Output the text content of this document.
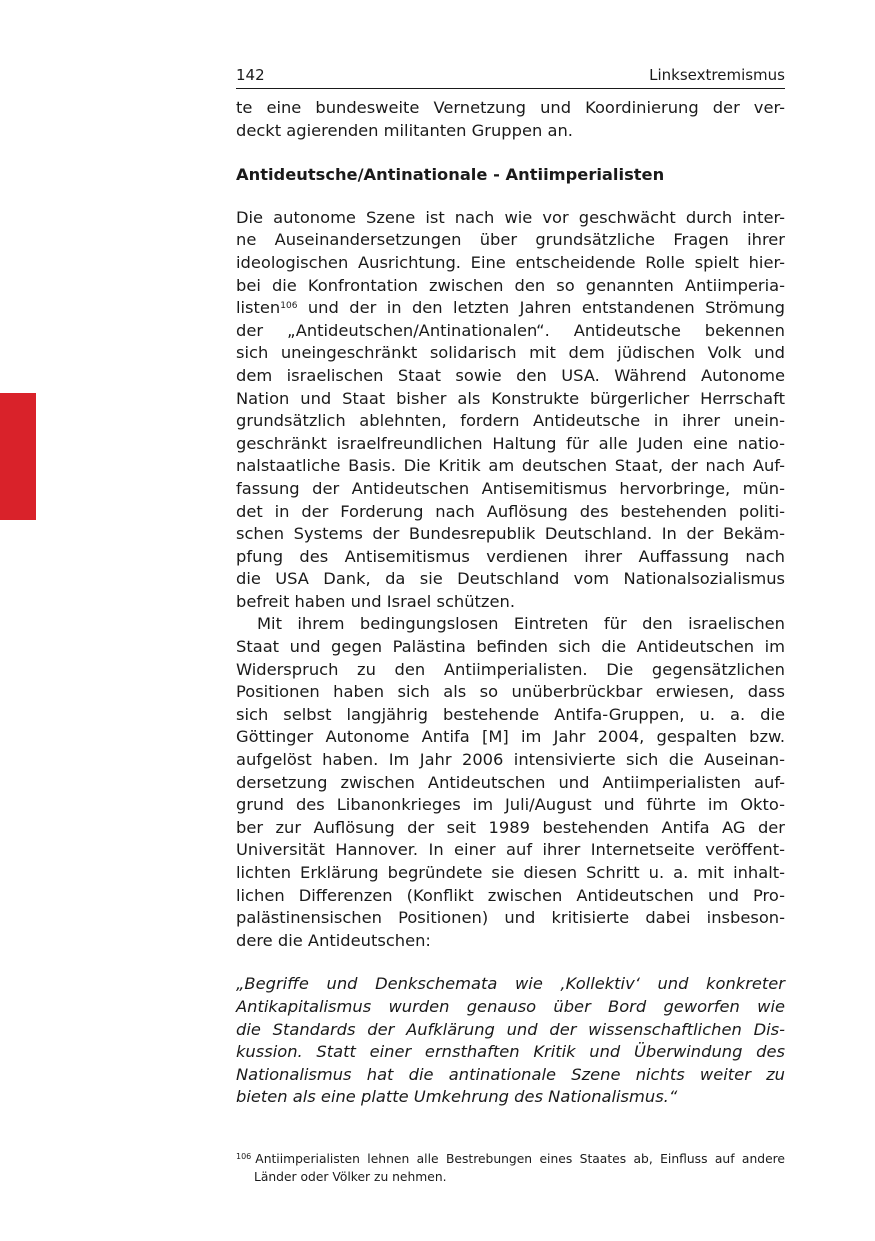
142	Linksextremismus
te eine bundesweite Vernetzung und Koordinierung der ver-
deckt agierenden militanten Gruppen an.
Antideutsche/Antinationale - Antiimperialisten
Die autonome Szene ist nach wie vor geschwächt durch inter-
ne Auseinandersetzungen über grundsätzliche Fragen ihrer
ideologischen Ausrichtung. Eine entscheidende Rolle spielt hier-
bei die Konfrontation zwischen den so genannten Antiimperia-
listen$^{106}$ und der in den letzten Jahren entstandenen Strömung
der „Antideutschen/Antinationalen“. Antideutsche bekennen
sich uneingeschränkt solidarisch mit dem jüdischen Volk und
dem israelischen Staat sowie den USA. Während Autonome
Nation und Staat bisher als Konstrukte bürgerlicher Herrschaft
grundsätzlich ablehnten, fordern Antideutsche in ihrer unein-
geschränkt israelfreundlichen Haltung für alle Juden eine natio-
nalstaatliche Basis. Die Kritik am deutschen Staat, der nach Auf-
fassung der Antideutschen Antisemitismus hervorbringe, mün-
det in der Forderung nach Auflösung des bestehenden politi-
schen Systems der Bundesrepublik Deutschland. In der Bekäm-
pfung des Antisemitismus verdienen ihrer Auffassung nach
die USA Dank, da sie Deutschland vom Nationalsozialismus
befreit haben und Israel schützen.
Mit ihrem bedingungslosen Eintreten für den israelischen
Staat und gegen Palästina befinden sich die Antideutschen im
Widerspruch zu den Antiimperialisten. Die gegensätzlichen
Positionen haben sich als so unüberbrückbar erwiesen, dass
sich selbst langjährig bestehende Antifa-Gruppen, u. a. die
Göttinger Autonome Antifa [M] im Jahr 2004, gespalten bzw.
aufgelöst haben. Im Jahr 2006 intensivierte sich die Auseinan-
dersetzung zwischen Antideutschen und Antiimperialisten auf-
grund des Libanonkrieges im Juli/August und führte im Okto-
ber zur Auflösung der seit 1989 bestehenden Antifa AG der
Universität Hannover. In einer auf ihrer Internetseite veröffent-
lichten Erklärung begründete sie diesen Schritt u. a. mit inhalt-
lichen Differenzen (Konflikt zwischen Antideutschen und Pro-
palästinensischen Positionen) und kritisierte dabei insbeson-
dere die Antideutschen:
„Begriffe und Denkschemata wie ‚Kollektiv‘ und konkreter
Antikapitalismus wurden genauso über Bord geworfen wie
die Standards der Aufklärung und der wissenschaftlichen Dis-
kussion. Statt einer ernsthaften Kritik und Überwindung des
Nationalismus hat die antinationale Szene nichts weiter zu
bieten als eine platte Umkehrung des Nationalismus.“
$^{106}$ Antiimperialisten lehnen alle Bestrebungen eines Staates ab, Einfluss auf andere
Länder oder Völker zu nehmen.
